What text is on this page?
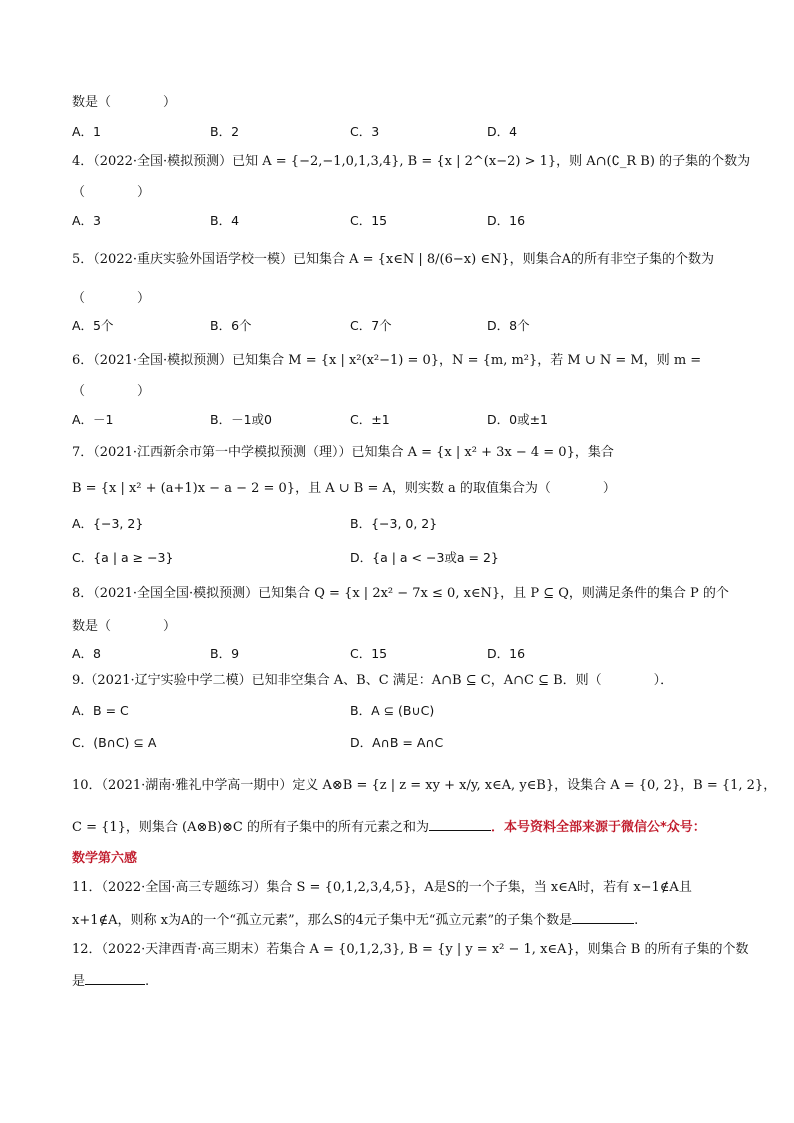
数是（　　　　）
A．1	B．2	C．3	D．4
4．（2022·全国·模拟预测）已知 A = {−2,−1,0,1,3,4}, B = {x | 2^(x−2) > 1}，则 A∩(∁_R B) 的子集的个数为
（　　　　）
A．3	B．4	C．15	D．16
5．（2022·重庆实验外国语学校一模）已知集合 A = {x∈N | 8/(6−x) ∈N}，则集合A的所有非空子集的个数为
（　　　　）
A．5个	B．6个	C．7个	D．8个
6．（2021·全国·模拟预测）已知集合 M = {x | x²(x²−1) = 0}，N = {m, m²}，若 M ∪ N = M，则 m =
（　　　　）
A．－1	B．－1或0	C．±1	D．0或±1
7．（2021·江西新余市第一中学模拟预测（理））已知集合 A = {x | x² + 3x − 4 = 0}，集合
B = {x | x² + (a+1)x − a − 2 = 0}，且 A ∪ B = A，则实数 a 的取值集合为（　　　　）
A．{−3, 2}	B．{−3, 0, 2}
C．{a | a ≥ −3}	D．{a | a < −3或a = 2}
8．（2021·全国全国·模拟预测）已知集合 Q = {x | 2x² − 7x ≤ 0, x∈N}，且 P ⊆ Q，则满足条件的集合 P 的个
数是（　　　　）
A．8	B．9	C．15	D．16
9.（2021·辽宁实验中学二模）已知非空集合 A、B、C 满足：A∩B ⊆ C，A∩C ⊆ B．则（　　　　）．
A．B = C	B．A ⊆ (B∪C)
C．(B∩C) ⊆ A	D．A∩B = A∩C
10．（2021·湖南·雅礼中学高一期中）定义 A⊗B = {z | z = xy + x/y, x∈A, y∈B}，设集合 A = {0, 2}，B = {1, 2}，
C = {1}，则集合 (A⊗B)⊗C 的所有子集中的所有元素之和为	．本号资料全部来源于微信公*众号：
数学第六感
11．（2022·全国·高三专题练习）集合 S = {0,1,2,3,4,5}，A是S的一个子集，当 x∈A时，若有 x−1∉A且
x+1∉A，则称 x为A的一个“孤立元素”，那么S的4元子集中无“孤立元素”的子集个数是	.
12．（2022·天津西青·高三期末）若集合 A = {0,1,2,3}, B = {y | y = x² − 1, x∈A}，则集合 B 的所有子集的个数
是	.
